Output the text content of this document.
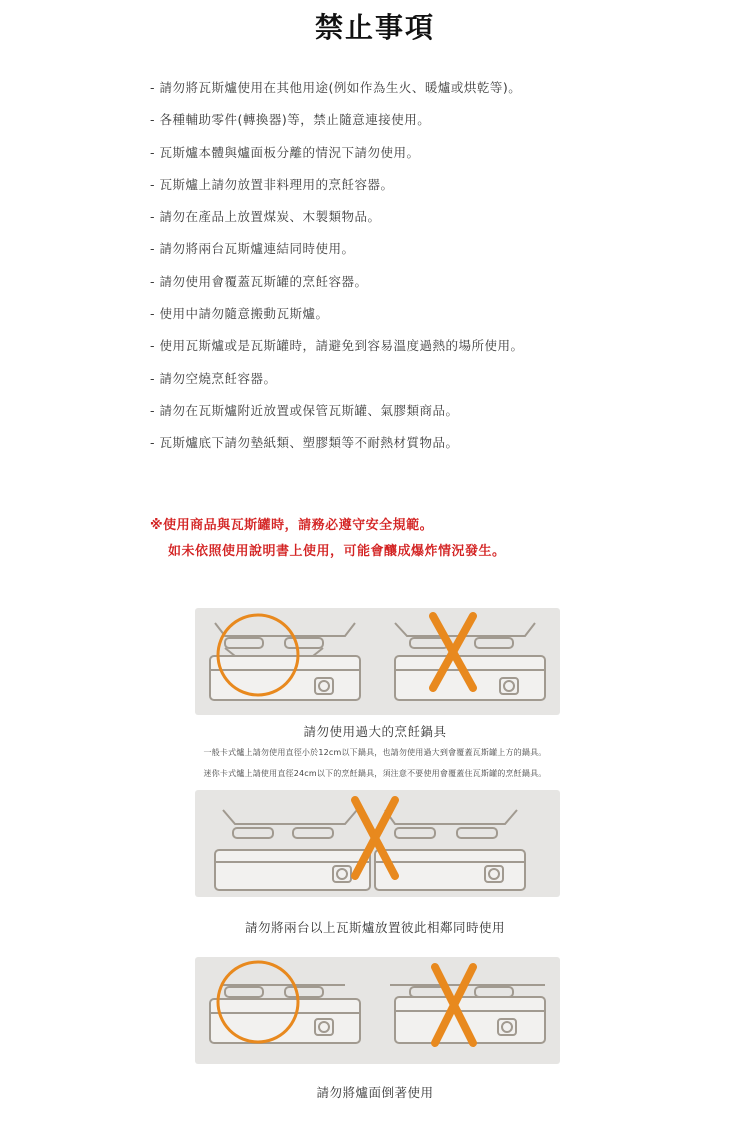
禁止事項
- 請勿將瓦斯爐使用在其他用途(例如作為生火、暖爐或烘乾等)。
- 各種輔助零件(轉換器)等，禁止隨意連接使用。
- 瓦斯爐本體與爐面板分離的情況下請勿使用。
- 瓦斯爐上請勿放置非料理用的烹飪容器。
- 請勿在產品上放置煤炭、木製類物品。
- 請勿將兩台瓦斯爐連結同時使用。
- 請勿使用會覆蓋瓦斯罐的烹飪容器。
- 使用中請勿隨意搬動瓦斯爐。
- 使用瓦斯爐或是瓦斯罐時，請避免到容易溫度過熱的場所使用。
- 請勿空燒烹飪容器。
- 請勿在瓦斯爐附近放置或保管瓦斯罐、氣膠類商品。
- 瓦斯爐底下請勿墊紙類、塑膠類等不耐熱材質物品。
※使用商品與瓦斯罐時，請務必遵守安全規範。
如未依照使用說明書上使用，可能會釀成爆炸情況發生。
請勿使用過大的烹飪鍋具
一般卡式爐上請勿使用直徑小於12cm以下鍋具，也請勿使用過大到會覆蓋瓦斯罐上方的鍋具。
迷你卡式爐上請使用直徑24cm以下的烹飪鍋具，須注意不要使用會覆蓋住瓦斯罐的烹飪鍋具。
請勿將兩台以上瓦斯爐放置彼此相鄰同時使用
請勿將爐面倒著使用
